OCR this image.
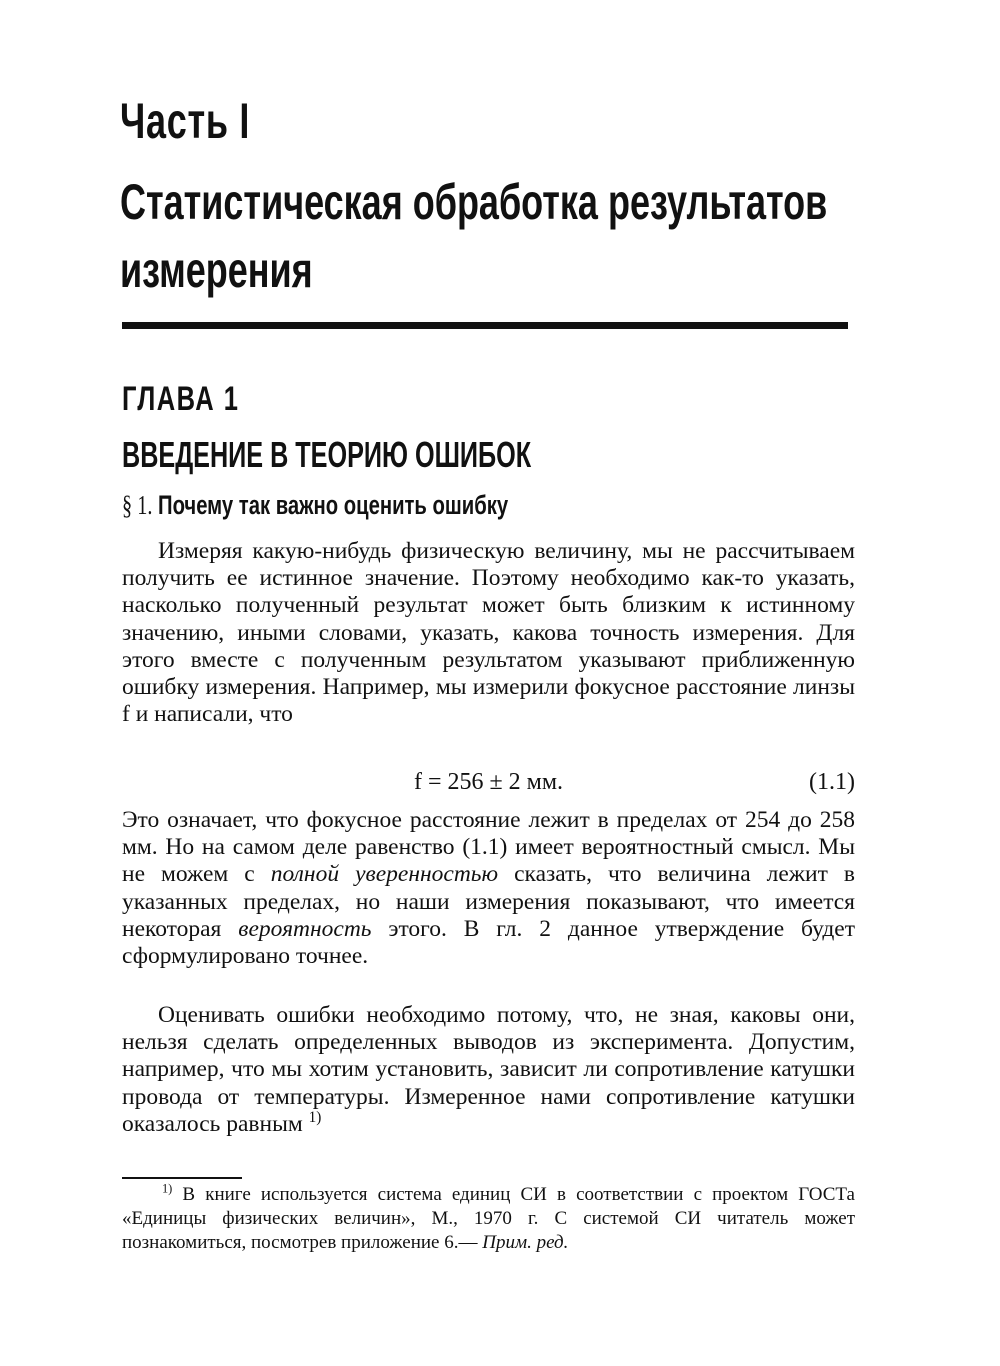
Часть I
Статистическая обработка результатов измерения
ГЛАВА 1
ВВЕДЕНИЕ В ТЕОРИЮ ОШИБОК
§ 1. Почему так важно оценить ошибку
Измеряя какую-нибудь физическую величину, мы не рассчитываем получить ее истинное значение. Поэтому необходимо как-то указать, насколько полученный результат может быть близким к истинному значению, иными словами, указать, какова точность измерения. Для этого вместе с полученным результатом указывают приближенную ошибку измерения. Например, мы измерили фокусное расстояние линзы f и написали, что
f = 256 ± 2 мм.	(1.1)
Это означает, что фокусное расстояние лежит в пределах от 254 до 258 мм. Но на самом деле равенство (1.1) имеет вероятностный смысл. Мы не можем с полной уверенностью сказать, что величина лежит в указанных пределах, но наши измерения показывают, что имеется некоторая вероятность этого. В гл. 2 данное утверждение будет сформулировано точнее.
Оценивать ошибки необходимо потому, что, не зная, каковы они, нельзя сделать определенных выводов из эксперимента. Допустим, например, что мы хотим установить, зависит ли сопротивление катушки провода от температуры. Измеренное нами сопротивление катушки оказалось равным $^{1)}$
$^{1)}$ В книге используется система единиц СИ в соответствии с проектом ГОСТа «Единицы физических величин», М., 1970 г. С системой СИ читатель может познакомиться, посмотрев приложение 6.— Прим. ред.
